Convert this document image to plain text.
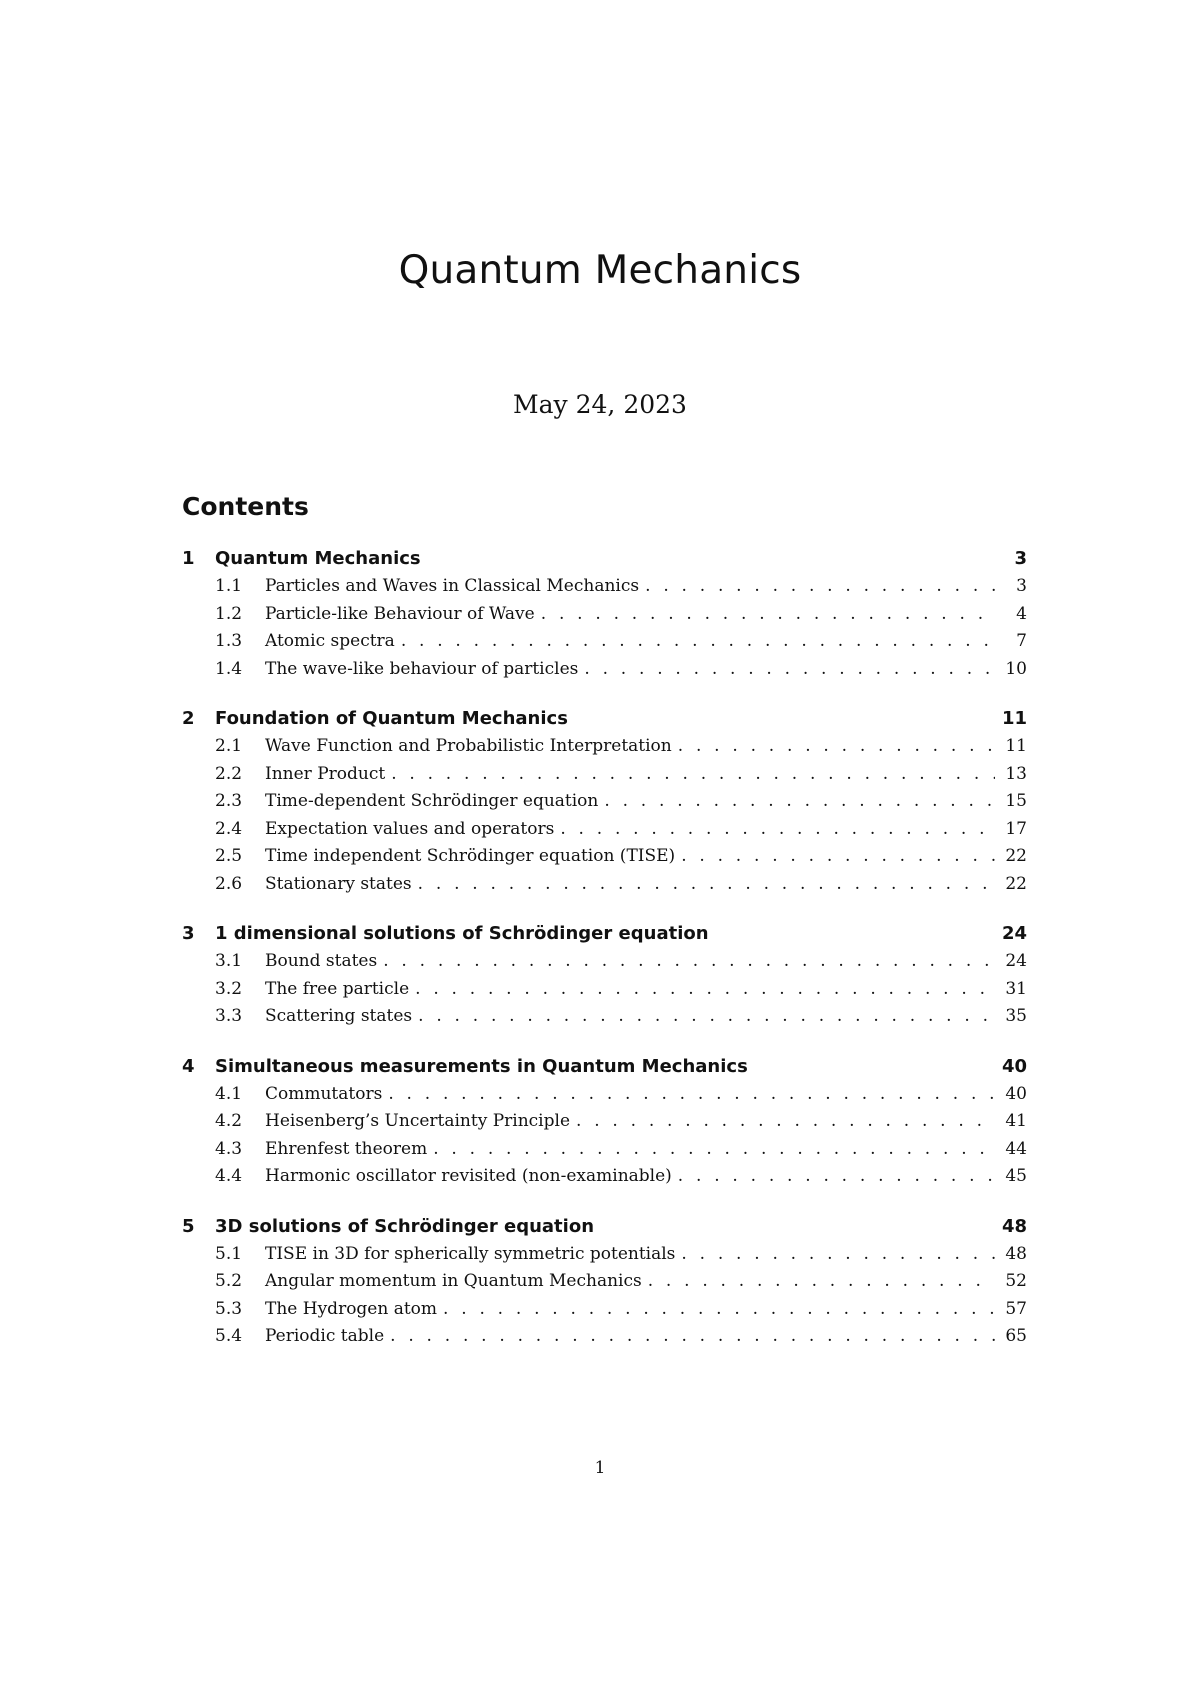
Quantum Mechanics
May 24, 2023
Contents
1	Quantum Mechanics	3
1.1	Particles and Waves in Classical Mechanics . . .	3
1.2	Particle-like Behaviour of Wave . . .	4
1.3	Atomic spectra . . .	7
1.4	The wave-like behaviour of particles . . .	10
2	Foundation of Quantum Mechanics	11
2.1	Wave Function and Probabilistic Interpretation . . .	11
2.2	Inner Product . . .	13
2.3	Time-dependent Schrödinger equation . . .	15
2.4	Expectation values and operators . . .	17
2.5	Time independent Schrödinger equation (TISE) . . .	22
2.6	Stationary states . . .	22
3	1 dimensional solutions of Schrödinger equation	24
3.1	Bound states . . .	24
3.2	The free particle . . .	31
3.3	Scattering states . . .	35
4	Simultaneous measurements in Quantum Mechanics	40
4.1	Commutators . . .	40
4.2	Heisenberg’s Uncertainty Principle . . .	41
4.3	Ehrenfest theorem . . .	44
4.4	Harmonic oscillator revisited (non-examinable) . . .	45
5	3D solutions of Schrödinger equation	48
5.1	TISE in 3D for spherically symmetric potentials . . .	48
5.2	Angular momentum in Quantum Mechanics . . .	52
5.3	The Hydrogen atom . . .	57
5.4	Periodic table . . .	65
1
